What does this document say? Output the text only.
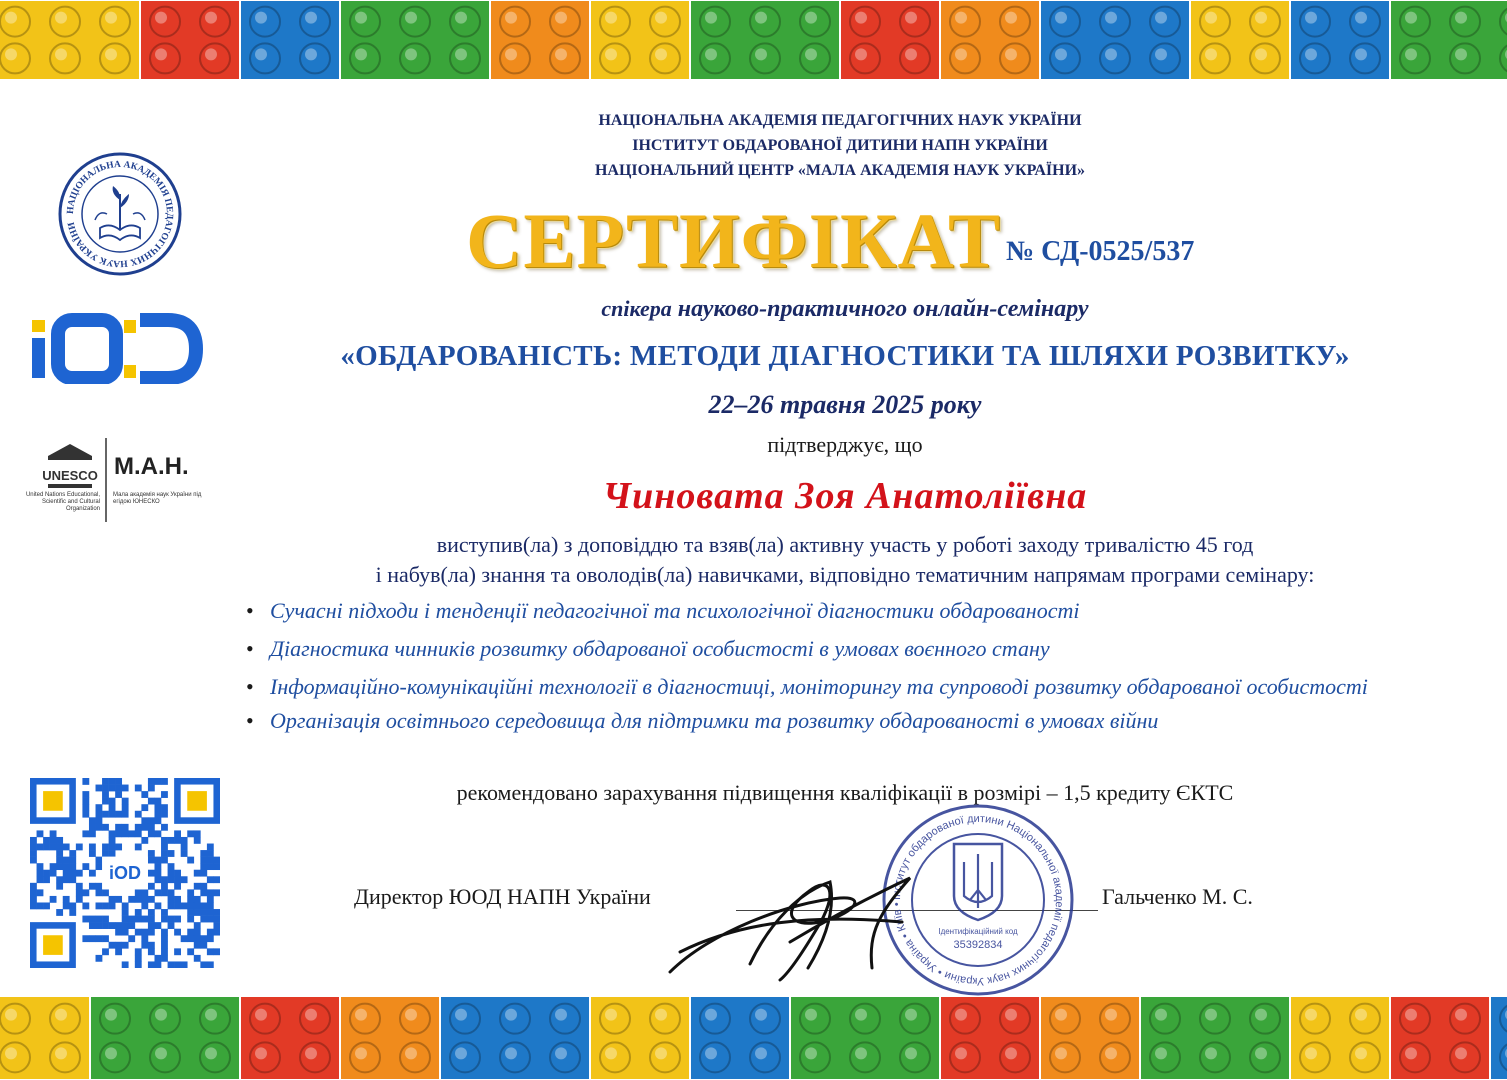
НАЦІОНАЛЬНА АКАДЕМІЯ ПЕДАГОГІЧНИХ НАУК УКРАЇНИ
ІНСТИТУТ ОБДАРОВАНОЇ ДИТИНИ НАПН УКРАЇНИ
НАЦІОНАЛЬНИЙ ЦЕНТР «МАЛА АКАДЕМІЯ НАУК УКРАЇНИ»
НАЦІОНАЛЬНА АКАДЕМІЯ ПЕДАГОГІЧНИХ НАУК УКРАЇНИ
iOD
UNESCO М.А.Н.
United Nations Educational, Scientific and Cultural Organization
Мала академія наук України під егідою ЮНЕСКО
СЕРТИФІКАТ № СД-0525/537
спікера науково-практичного онлайн-семінару
«ОБДАРОВАНІСТЬ: МЕТОДИ ДІАГНОСТИКИ ТА ШЛЯХИ РОЗВИТКУ»
22–26 травня 2025 року
підтверджує, що
Чиновата Зоя Анатоліївна
виступив(ла) з доповіддю та взяв(ла) активну участь у роботі заходу тривалістю 45 год
і набув(ла) знання та оволодів(ла) навичками, відповідно тематичним напрямам програми семінару:
• Сучасні підходи і тенденції педагогічної та психологічної діагностики обдарованості
• Діагностика чинників розвитку обдарованої особистості в умовах воєнного стану
• Інформаційно-комунікаційні технології в діагностиці, моніторингу та супроводі розвитку обдарованої особистості
• Організація освітнього середовища для підтримки та розвитку обдарованості в умовах війни
рекомендовано зарахування підвищення кваліфікації в розмірі – 1,5 кредиту ЄКТС
iOD
Директор ЮОД НАПН України	Гальченко М. С.
Інститут обдарованої дитини Національної академії педагогічних наук України • Україна • Київ •
Ідентифікаційний код
35392834
